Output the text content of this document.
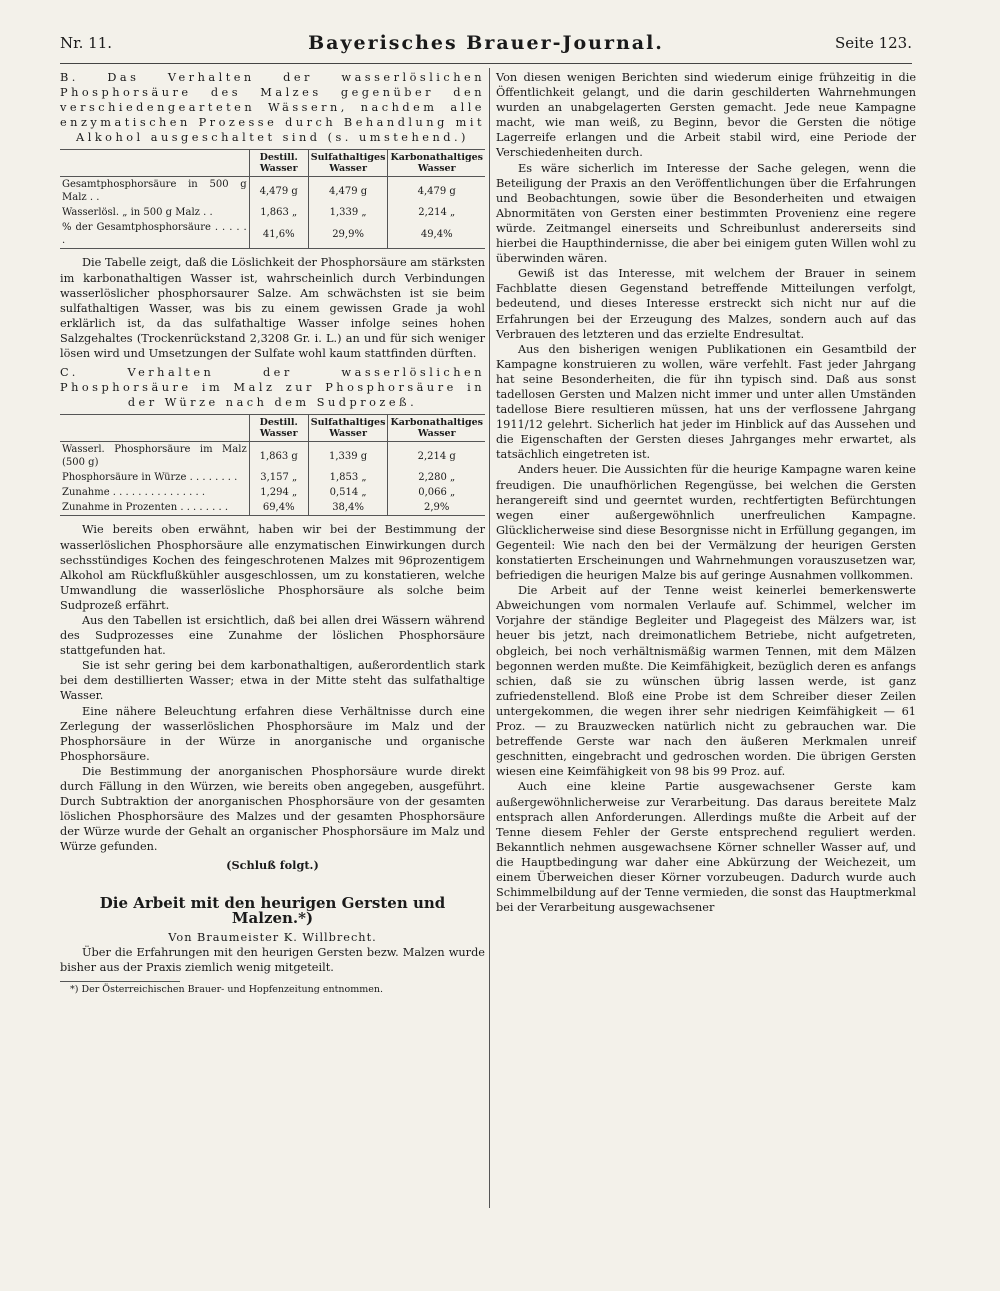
Nr. 11.	Bayerisches Brauer-Journal.	Seite 123.

B. Das Verhalten der wasserlöslichen Phosphorsäure des Malzes gegenüber den verschiedengearteten Wässern, nachdem alle enzymatischen Prozesse durch Behandlung mit Alkohol ausgeschaltet sind (s. umstehend.)

	Destill. Wasser	Sulfathaltiges Wasser	Karbonathaltiges Wasser
Gesamtphosphorsäure in 500 g Malz . .	4,479 g	4,479 g	4,479 g
Wasserlösl. „ in 500 g Malz . .	1,863 „	1,339 „	2,214 „
% der Gesamtphosphorsäure . . . . . .	41,6%	29,9%	49,4%

Die Tabelle zeigt, daß die Löslichkeit der Phosphorsäure am stärksten im karbonathaltigen Wasser ist, wahrscheinlich durch Verbindungen wasserlöslicher phosphorsaurer Salze. Am schwächsten ist sie beim sulfathaltigen Wasser, was bis zu einem gewissen Grade ja wohl erklärlich ist, da das sulfathaltige Wasser infolge seines hohen Salzgehaltes (Trockenrückstand 2,3208 Gr. i. L.) an und für sich weniger lösen wird und Umsetzungen der Sulfate wohl kaum stattfinden dürften.

C. Verhalten der wasserlöslichen Phosphorsäure im Malz zur Phosphorsäure in der Würze nach dem Sudprozeß.

	Destill. Wasser	Sulfathaltiges Wasser	Karbonathaltiges Wasser
Wasserl. Phosphorsäure im Malz (500 g)	1,863 g	1,339 g	2,214 g
Phosphorsäure in Würze . . . . . . . .	3,157 „	1,853 „	2,280 „
Zunahme . . . . . . . . . . . . . . .	1,294 „	0,514 „	0,066 „
Zunahme in Prozenten . . . . . . . .	69,4%	38,4%	2,9%

Wie bereits oben erwähnt, haben wir bei der Bestimmung der wasserlöslichen Phosphorsäure alle enzymatischen Einwirkungen durch sechsstündiges Kochen des feingeschrotenen Malzes mit 96prozentigem Alkohol am Rückflußkühler ausgeschlossen, um zu konstatieren, welche Umwandlung die wasserlösliche Phosphorsäure als solche beim Sudprozeß erfährt.

Aus den Tabellen ist ersichtlich, daß bei allen drei Wässern während des Sudprozesses eine Zunahme der löslichen Phosphorsäure stattgefunden hat.

Sie ist sehr gering bei dem karbonathaltigen, außerordentlich stark bei dem destillierten Wasser; etwa in der Mitte steht das sulfathaltige Wasser.

Eine nähere Beleuchtung erfahren diese Verhältnisse durch eine Zerlegung der wasserlöslichen Phosphorsäure im Malz und der Phosphorsäure in der Würze in anorganische und organische Phosphorsäure.

Die Bestimmung der anorganischen Phosphorsäure wurde direkt durch Fällung in den Würzen, wie bereits oben angegeben, ausgeführt. Durch Subtraktion der anorganischen Phosphorsäure von der gesamten löslichen Phosphorsäure des Malzes und der gesamten Phosphorsäure der Würze wurde der Gehalt an organischer Phosphorsäure im Malz und Würze gefunden.

(Schluß folgt.)
Die Arbeit mit den heurigen Gersten und Malzen.*)
Von Braumeister K. Willbrecht.

Über die Erfahrungen mit den heurigen Gersten bezw. Malzen wurde bisher aus der Praxis ziemlich wenig mitgeteilt.

*) Der Österreichischen Brauer- und Hopfenzeitung entnommen.

Von diesen wenigen Berichten sind wiederum einige frühzeitig in die Öffentlichkeit gelangt, und die darin geschilderten Wahrnehmungen wurden an unabgelagerten Gersten gemacht. Jede neue Kampagne macht, wie man weiß, zu Beginn, bevor die Gersten die nötige Lagerreife erlangen und die Arbeit stabil wird, eine Periode der Verschiedenheiten durch.

Es wäre sicherlich im Interesse der Sache gelegen, wenn die Beteiligung der Praxis an den Veröffentlichungen über die Erfahrungen und Beobachtungen, sowie über die Besonderheiten und etwaigen Abnormitäten von Gersten einer bestimmten Provenienz eine regere würde. Zeitmangel einerseits und Schreibunlust andererseits sind hierbei die Haupthindernisse, die aber bei einigem guten Willen wohl zu überwinden wären.

Gewiß ist das Interesse, mit welchem der Brauer in seinem Fachblatte diesen Gegenstand betreffende Mitteilungen verfolgt, bedeutend, und dieses Interesse erstreckt sich nicht nur auf die Erfahrungen bei der Erzeugung des Malzes, sondern auch auf das Verbrauen des letzteren und das erzielte Endresultat.

Aus den bisherigen wenigen Publikationen ein Gesamtbild der Kampagne konstruieren zu wollen, wäre verfehlt. Fast jeder Jahrgang hat seine Besonderheiten, die für ihn typisch sind. Daß aus sonst tadellosen Gersten und Malzen nicht immer und unter allen Umständen tadellose Biere resultieren müssen, hat uns der verflossene Jahrgang 1911/12 gelehrt. Sicherlich hat jeder im Hinblick auf das Aussehen und die Eigenschaften der Gersten dieses Jahrganges mehr erwartet, als tatsächlich eingetreten ist.

Anders heuer. Die Aussichten für die heurige Kampagne waren keine freudigen. Die unaufhörlichen Regengüsse, bei welchen die Gersten herangereift sind und geerntet wurden, rechtfertigten Befürchtungen wegen einer außergewöhnlich unerfreulichen Kampagne. Glücklicherweise sind diese Besorgnisse nicht in Erfüllung gegangen, im Gegenteil: Wie nach den bei der Vermälzung der heurigen Gersten konstatierten Erscheinungen und Wahrnehmungen vorauszusetzen war, befriedigen die heurigen Malze bis auf geringe Ausnahmen vollkommen.

Die Arbeit auf der Tenne weist keinerlei bemerkenswerte Abweichungen vom normalen Verlaufe auf. Schimmel, welcher im Vorjahre der ständige Begleiter und Plagegeist des Mälzers war, ist heuer bis jetzt, nach dreimonatlichem Betriebe, nicht aufgetreten, obgleich, bei noch verhältnismäßig warmen Tennen, mit dem Mälzen begonnen werden mußte. Die Keimfähigkeit, bezüglich deren es anfangs schien, daß sie zu wünschen übrig lassen werde, ist ganz zufriedenstellend. Bloß eine Probe ist dem Schreiber dieser Zeilen untergekommen, die wegen ihrer sehr niedrigen Keimfähigkeit — 61 Proz. — zu Brauzwecken natürlich nicht zu gebrauchen war. Die betreffende Gerste war nach den äußeren Merkmalen unreif geschnitten, eingebracht und gedroschen worden. Die übrigen Gersten wiesen eine Keimfähigkeit von 98 bis 99 Proz. auf.

Auch eine kleine Partie ausgewachsener Gerste kam außergewöhnlicherweise zur Verarbeitung. Das daraus bereitete Malz entsprach allen Anforderungen. Allerdings mußte die Arbeit auf der Tenne diesem Fehler der Gerste entsprechend reguliert werden. Bekanntlich nehmen ausgewachsene Körner schneller Wasser auf, und die Hauptbedingung war daher eine Abkürzung der Weichezeit, um einem Überweichen dieser Körner vorzubeugen. Dadurch wurde auch Schimmelbildung auf der Tenne vermieden, die sonst das Hauptmerkmal bei der Verarbeitung ausgewachsener
